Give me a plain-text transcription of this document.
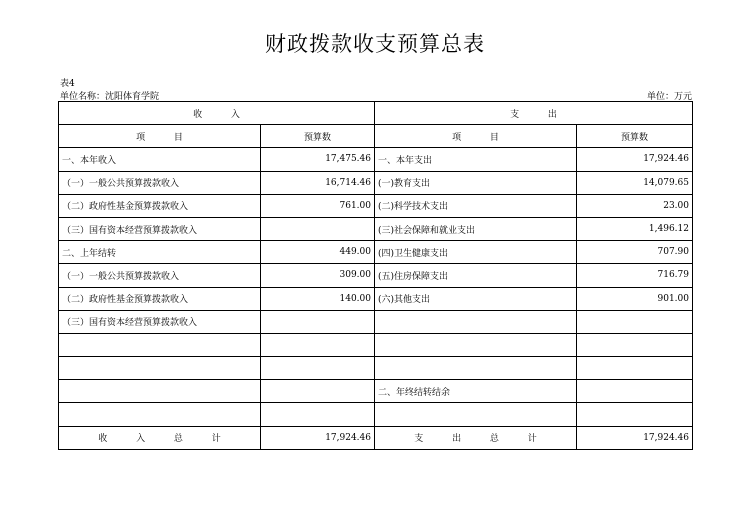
财政拨款收支预算总表
表4
单位名称：沈阳体育学院	单位：万元
收 入		支 出	
项 目	预算数	项 目	预算数
一、本年收入	17,475.46	一、本年支出	17,924.46
（一）一般公共预算拨款收入	16,714.46	(一)教育支出	14,079.65
（二）政府性基金预算拨款收入	761.00	(二)科学技术支出	23.00
（三）国有资本经营预算拨款收入		(三)社会保障和就业支出	1,496.12
二、上年结转	449.00	(四)卫生健康支出	707.90
（一）一般公共预算拨款收入	309.00	(五)住房保障支出	716.79
（二）政府性基金预算拨款收入	140.00	(六)其他支出	901.00
（三）国有资本经营预算拨款收入			

		二、年终结转结余	

收 入 总 计	17,924.46	支 出 总 计	17,924.46
